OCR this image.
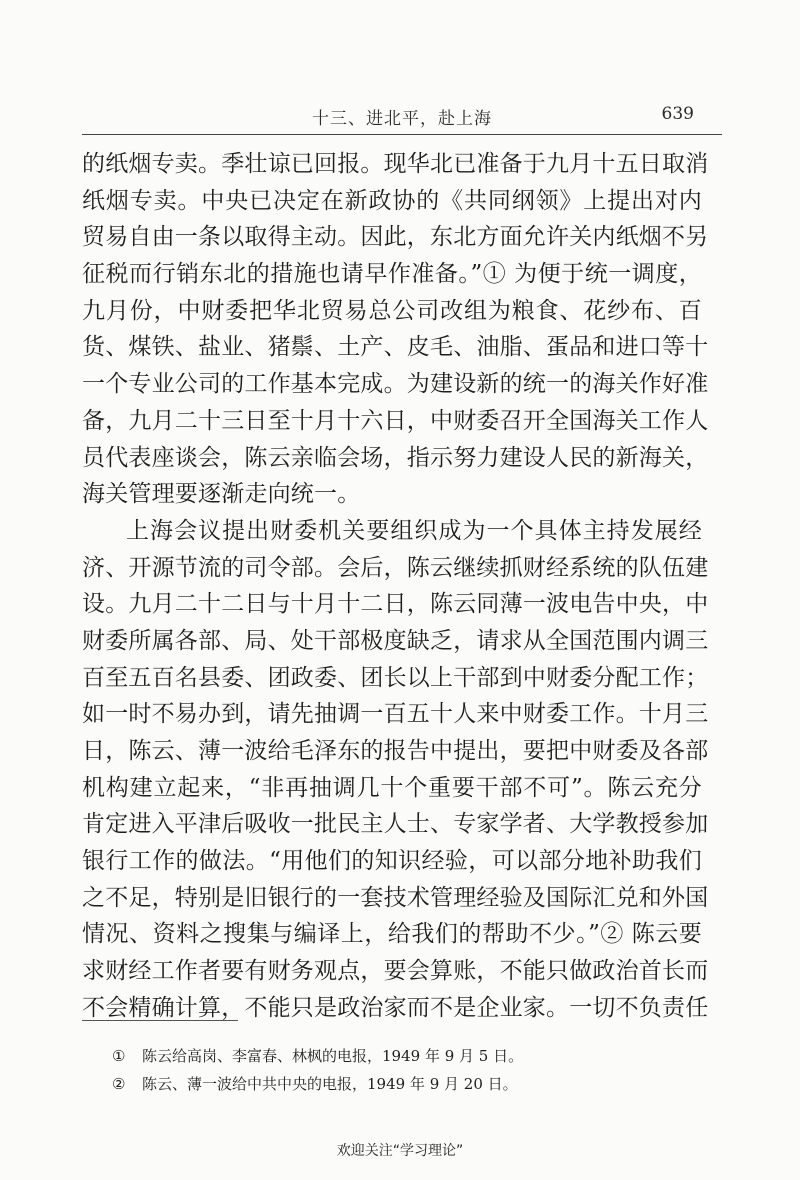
十三、进北平，赴上海	639
的纸烟专卖。季壮谅已回报。现华北已准备于九月十五日取消
纸烟专卖。中央已决定在新政协的《共同纲领》上提出对内
贸易自由一条以取得主动。因此，东北方面允许关内纸烟不另
征税而行销东北的措施也请早作准备。”① 为便于统一调度，
九月份，中财委把华北贸易总公司改组为粮食、花纱布、百
货、煤铁、盐业、猪鬃、土产、皮毛、油脂、蛋品和进口等十
一个专业公司的工作基本完成。为建设新的统一的海关作好准
备，九月二十三日至十月十六日，中财委召开全国海关工作人
员代表座谈会，陈云亲临会场，指示努力建设人民的新海关，
海关管理要逐渐走向统一。
上海会议提出财委机关要组织成为一个具体主持发展经
济、开源节流的司令部。会后，陈云继续抓财经系统的队伍建
设。九月二十二日与十月十二日，陈云同薄一波电告中央，中
财委所属各部、局、处干部极度缺乏，请求从全国范围内调三
百至五百名县委、团政委、团长以上干部到中财委分配工作；
如一时不易办到，请先抽调一百五十人来中财委工作。十月三
日，陈云、薄一波给毛泽东的报告中提出，要把中财委及各部
机构建立起来，“非再抽调几十个重要干部不可”。陈云充分
肯定进入平津后吸收一批民主人士、专家学者、大学教授参加
银行工作的做法。“用他们的知识经验，可以部分地补助我们
之不足，特别是旧银行的一套技术管理经验及国际汇兑和外国
情况、资料之搜集与编译上，给我们的帮助不少。”② 陈云要
求财经工作者要有财务观点，要会算账，不能只做政治首长而
不会精确计算，不能只是政治家而不是企业家。一切不负责任
① 陈云给高岗、李富春、林枫的电报，1949 年 9 月 5 日。
② 陈云、薄一波给中共中央的电报，1949 年 9 月 20 日。
欢迎关注“学习理论”
